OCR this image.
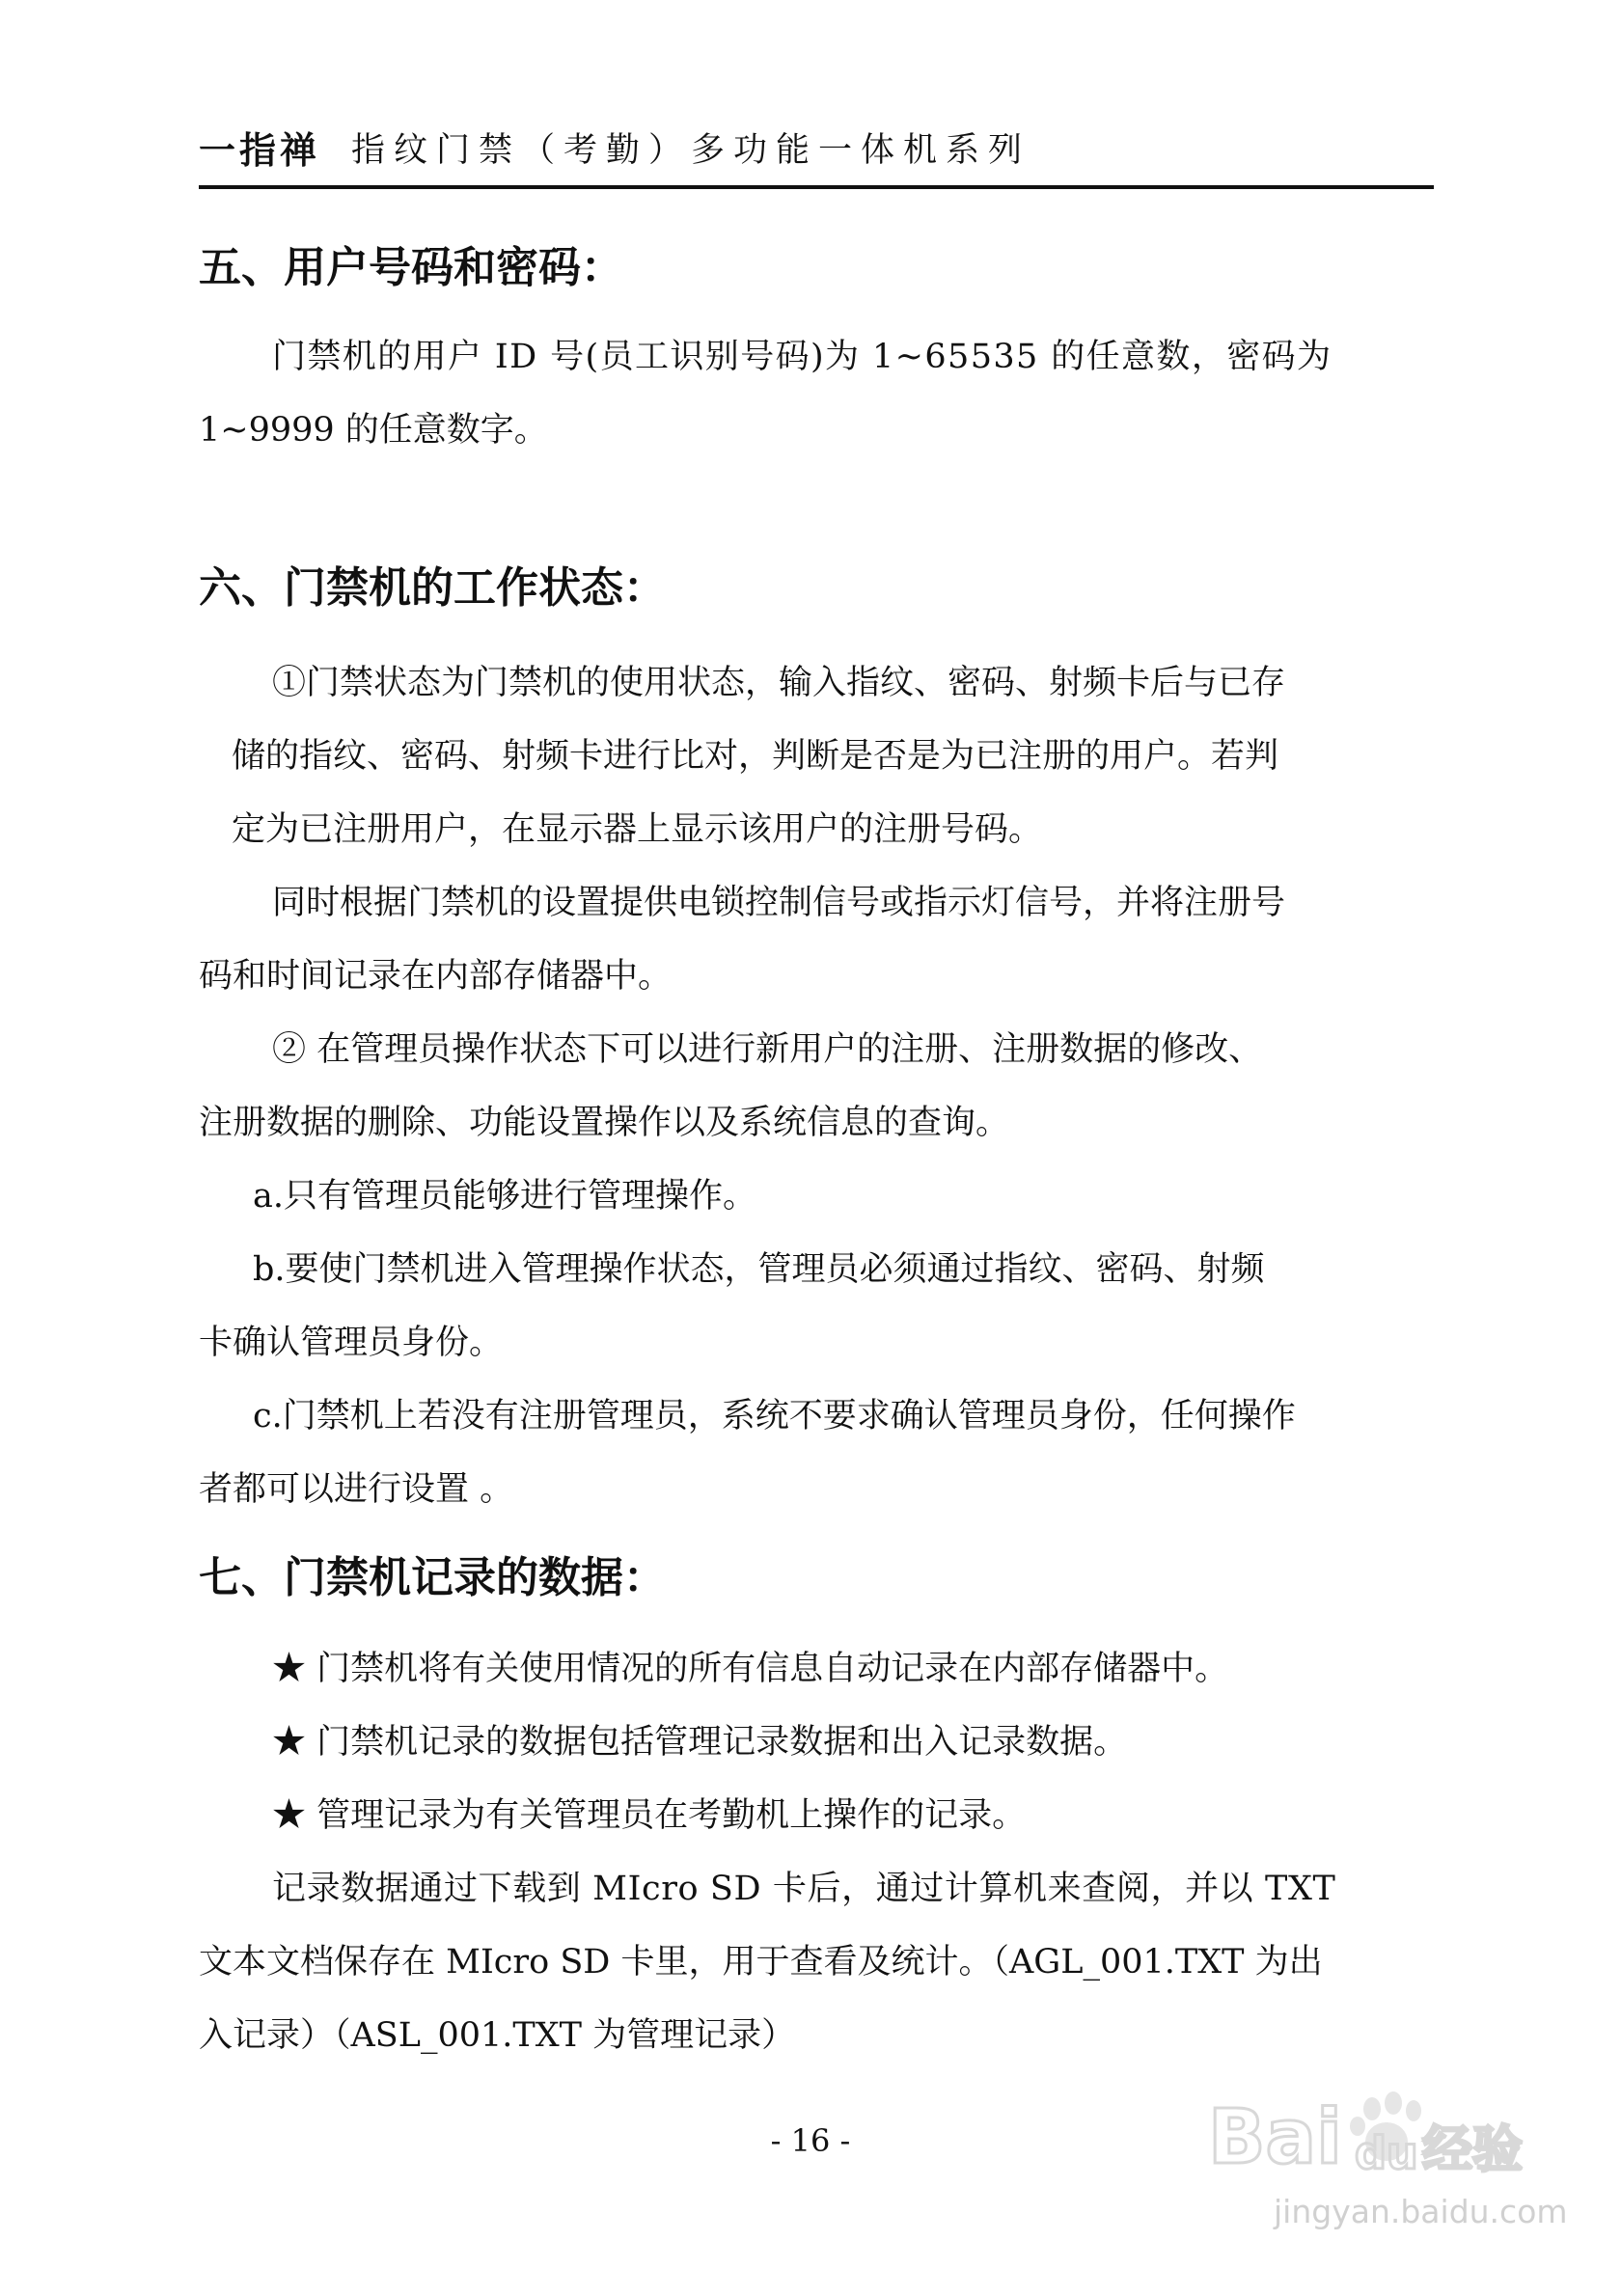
一指禅 指纹门禁（考勤）多功能一体机系列
五、用户号码和密码：

门禁机的用户 ID 号(员工识别号码)为 1~65535 的任意数，密码为

1~9999 的任意数字。

六、门禁机的工作状态：

①门禁状态为门禁机的使用状态，输入指纹、密码、射频卡后与已存

储的指纹、密码、射频卡进行比对，判断是否是为已注册的用户。若判

定为已注册用户，在显示器上显示该用户的注册号码。

同时根据门禁机的设置提供电锁控制信号或指示灯信号，并将注册号

码和时间记录在内部存储器中。

② 在管理员操作状态下可以进行新用户的注册、注册数据的修改、

注册数据的删除、功能设置操作以及系统信息的查询。

a.只有管理员能够进行管理操作。

b.要使门禁机进入管理操作状态，管理员必须通过指纹、密码、射频

卡确认管理员身份。

c.门禁机上若没有注册管理员，系统不要求确认管理员身份，任何操作

者都可以进行设置 。

七、门禁机记录的数据：

★ 门禁机将有关使用情况的所有信息自动记录在内部存储器中。

★ 门禁机记录的数据包括管理记录数据和出入记录数据。

★ 管理记录为有关管理员在考勤机上操作的记录。

记录数据通过下载到 MIcro SD 卡后，通过计算机来查阅，并以 TXT

文本文档保存在 MIcro SD 卡里，用于查看及统计。（AGL_001.TXT 为出

入记录）（ASL_001.TXT 为管理记录）

- 16 -	Bai du 经验
jingyan.baidu.com
